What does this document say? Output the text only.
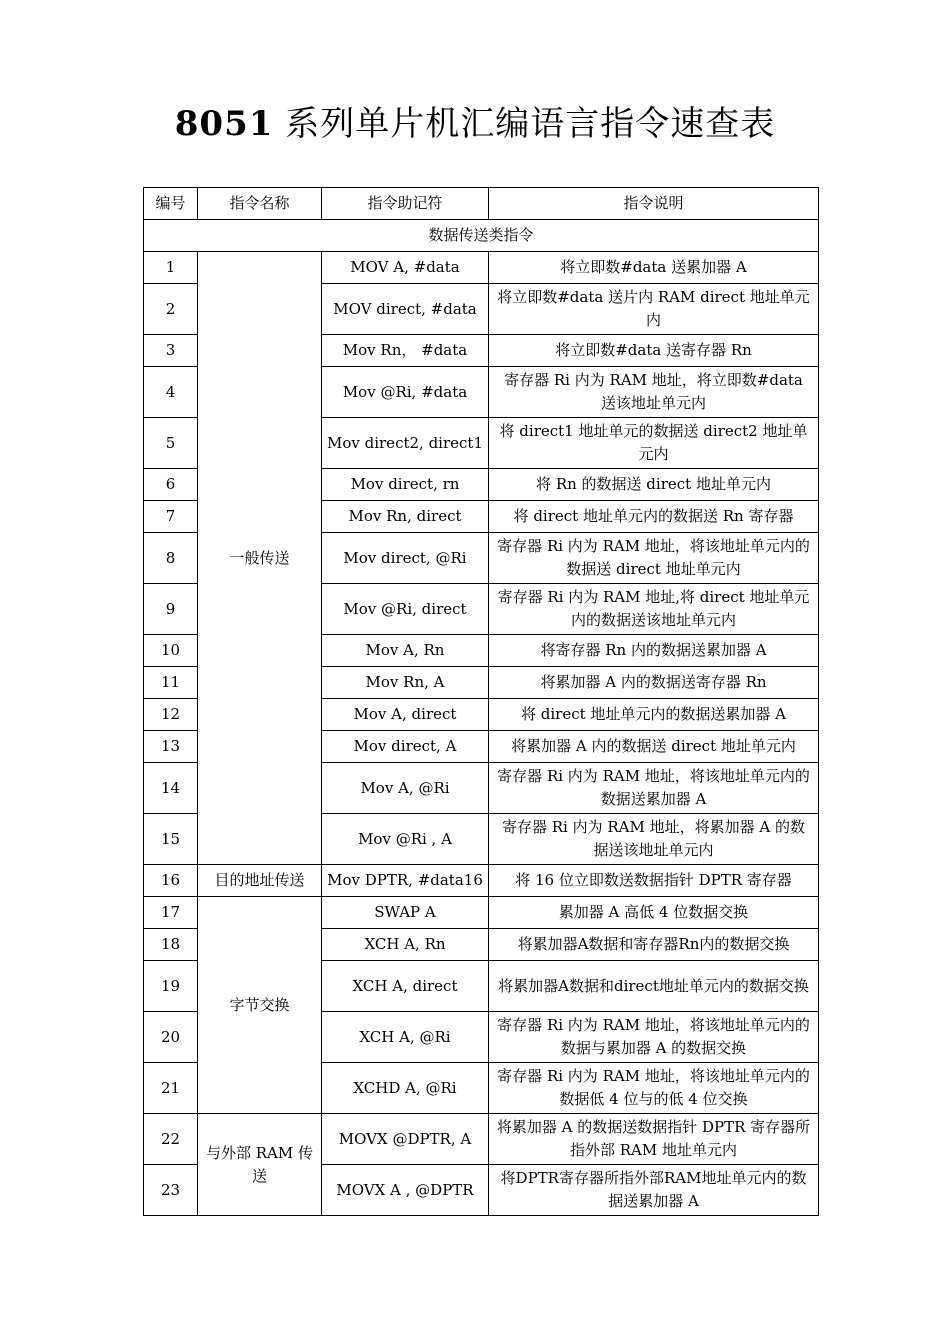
8051 系列单片机汇编语言指令速查表
编号	指令名称	指令助记符	指令说明
数据传送类指令			
1	一般传送	MOV A, #data	将立即数#data 送累加器 A
2		MOV direct, #data	将立即数#data 送片内 RAM direct 地址单元内
3		Mov Rn， #data	将立即数#data 送寄存器 Rn
4		Mov @Ri, #data	寄存器 Ri 内为 RAM 地址，将立即数#data 送该地址单元内
5		Mov direct2, direct1	将 direct1 地址单元的数据送 direct2 地址单元内
6		Mov direct, rn	将 Rn 的数据送 direct 地址单元内
7		Mov Rn, direct	将 direct 地址单元内的数据送 Rn 寄存器
8		Mov direct, @Ri	寄存器 Ri 内为 RAM 地址，将该地址单元内的数据送 direct 地址单元内
9		Mov @Ri, direct	寄存器 Ri 内为 RAM 地址,将 direct 地址单元内的数据送该地址单元内
10		Mov A, Rn	将寄存器 Rn 内的数据送累加器 A
11		Mov Rn, A	将累加器 A 内的数据送寄存器 Rn
12		Mov A, direct	将 direct 地址单元内的数据送累加器 A
13		Mov direct, A	将累加器 A 内的数据送 direct 地址单元内
14		Mov A, @Ri	寄存器 Ri 内为 RAM 地址，将该地址单元内的数据送累加器 A
15		Mov @Ri , A	寄存器 Ri 内为 RAM 地址，将累加器 A 的数据送该地址单元内
16	目的地址传送	Mov DPTR, #data16	将 16 位立即数送数据指针 DPTR 寄存器
17	字节交换	SWAP A	累加器 A 高低 4 位数据交换
18		XCH A, Rn	将累加器A数据和寄存器Rn内的数据交换
19		XCH A, direct	将累加器A数据和direct地址单元内的数据交换
20		XCH A, @Ri	寄存器 Ri 内为 RAM 地址，将该地址单元内的数据与累加器 A 的数据交换
21		XCHD A, @Ri	寄存器 Ri 内为 RAM 地址，将该地址单元内的数据低 4 位与的低 4 位交换
22	与外部 RAM 传送	MOVX @DPTR, A	将累加器 A 的数据送数据指针 DPTR 寄存器所指外部 RAM 地址单元内
23		MOVX A , @DPTR	将DPTR寄存器所指外部RAM地址单元内的数据送累加器 A
